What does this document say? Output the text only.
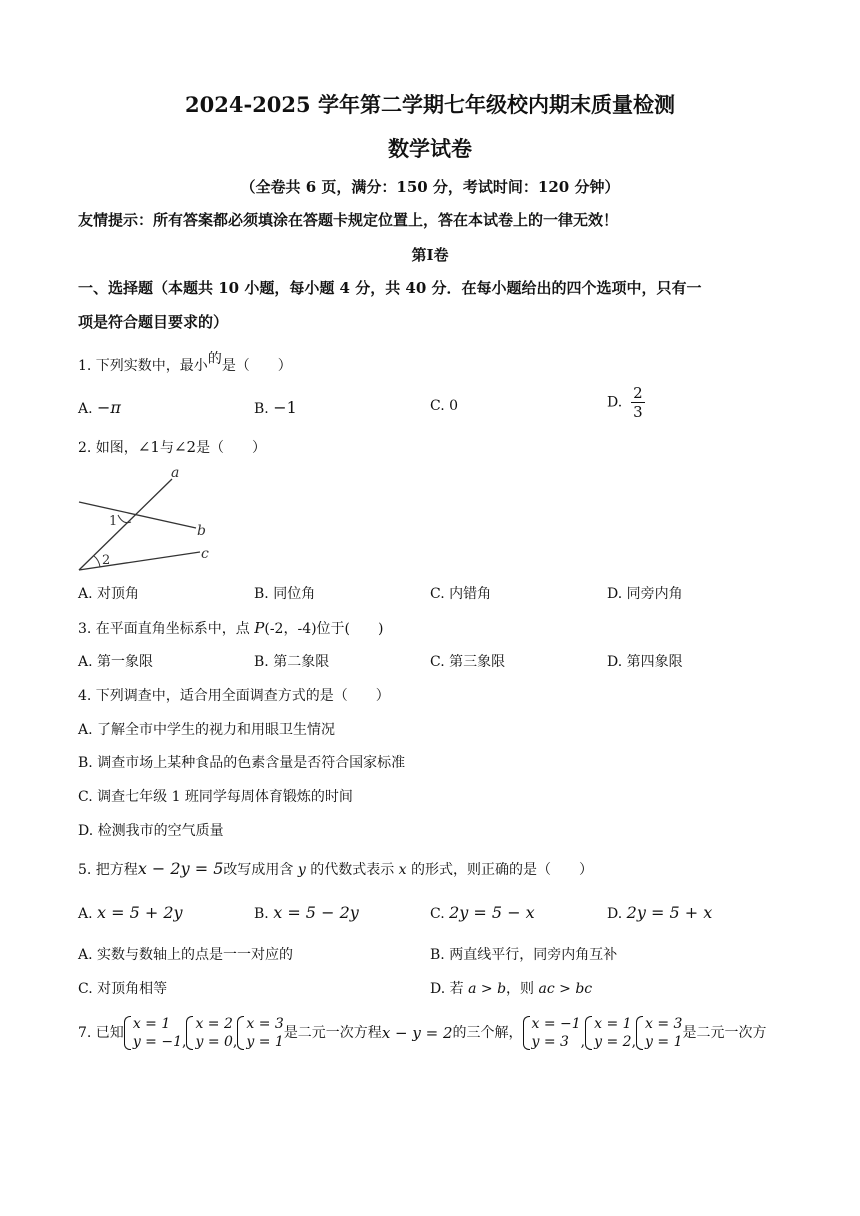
2024-2025 学年第二学期七年级校内期末质量检测
数学试卷
（全卷共 6 页，满分：150 分，考试时间：120 分钟）
友情提示：所有答案都必须填涂在答题卡规定位置上，答在本试卷上的一律无效！
第Ⅰ卷
一、选择题（本题共 10 小题，每小题 4 分，共 40 分．在每小题给出的四个选项中，只有一
项是符合题目要求的）
1. 下列实数中，最小的是（　　）
A. −π	B. −1	C. 0	D. $\frac{2}{3}$
2. 如图，∠1与∠2是（　　）
a
b
c
1
2
A. 对顶角	B. 同位角	C. 内错角	D. 同旁内角
3. 在平面直角坐标系中，点 P(-2，-4)位于(　　)
A. 第一象限	B. 第二象限	C. 第三象限	D. 第四象限
4. 下列调查中，适合用全面调查方式的是（　　）
A. 了解全市中学生的视力和用眼卫生情况
B. 调查市场上某种食品的色素含量是否符合国家标准
C. 调查七年级 1 班同学每周体育锻炼的时间
D. 检测我市的空气质量
5. 把方程x − 2y = 5改写成用含 y 的代数式表示 x 的形式，则正确的是（　　）
A. x = 5 + 2y	B. x = 5 − 2y	C. 2y = 5 − x	D. 2y = 5 + x
A. 实数与数轴上的点是一一对应的	B. 两直线平行，同旁内角互补
C. 对顶角相等	D. 若 a > b，则 ac > bc
7. 已知
x = 1
y = −1 ,
x = 2
y = 0 ,
x = 3
y = 1
是二元一次方程x − y = 2的三个解，
x = −1
y = 3 ,
x = 1
y = 2 ,
x = 3
y = 1
是二元一次方
